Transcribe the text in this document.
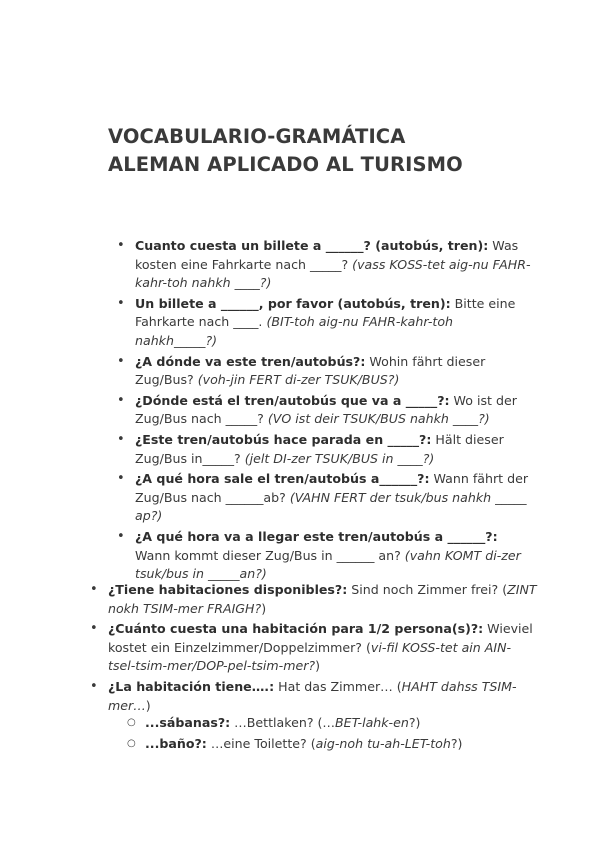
VOCABULARIO-GRAMÁTICA
ALEMAN APLICADO AL TURISMO
• Cuanto cuesta un billete a ______? (autobús, tren): Was kosten eine Fahrkarte nach _____? (vass KOSS-tet aig-nu FAHR-kahr-toh nahkh ____?)
• Un billete a ______, por favor (autobús, tren): Bitte eine Fahrkarte nach ____. (BIT-toh aig-nu FAHR-kahr-toh nahkh_____?)
• ¿A dónde va este tren/autobús?: Wohin fährt dieser Zug/Bus? (voh-jin FERT di-zer TSUK/BUS?)
• ¿Dónde está el tren/autobús que va a _____?: Wo ist der Zug/Bus nach _____? (VO ist deir TSUK/BUS nahkh ____?)
• ¿Este tren/autobús hace parada en _____?: Hält dieser Zug/Bus in_____? (jelt DI-zer TSUK/BUS in ____?)
• ¿A qué hora sale el tren/autobús a______?: Wann fährt der Zug/Bus nach ______ab? (VAHN FERT der tsuk/bus nahkh _____ ap?)
• ¿A qué hora va a llegar este tren/autobús a ______?: Wann kommt dieser Zug/Bus in ______ an? (vahn KOMT di-zer tsuk/bus in _____an?)
• ¿Tiene habitaciones disponibles?: Sind noch Zimmer frei? (ZINT nokh TSIM-mer FRAIGH?)
• ¿Cuánto cuesta una habitación para 1/2 persona(s)?: Wieviel kostet ein Einzelzimmer/Doppelzimmer? (vi-fil KOSS-tet ain AIN-tsel-tsim-mer/DOP-pel-tsim-mer?)
• ¿La habitación tiene….: Hat das Zimmer… (HAHT dahss TSIM-mer…)
○ ...sábanas?: …Bettlaken? (…BET-lahk-en?)
○ ...baño?: …eine Toilette? (aig-noh tu-ah-LET-toh?)
